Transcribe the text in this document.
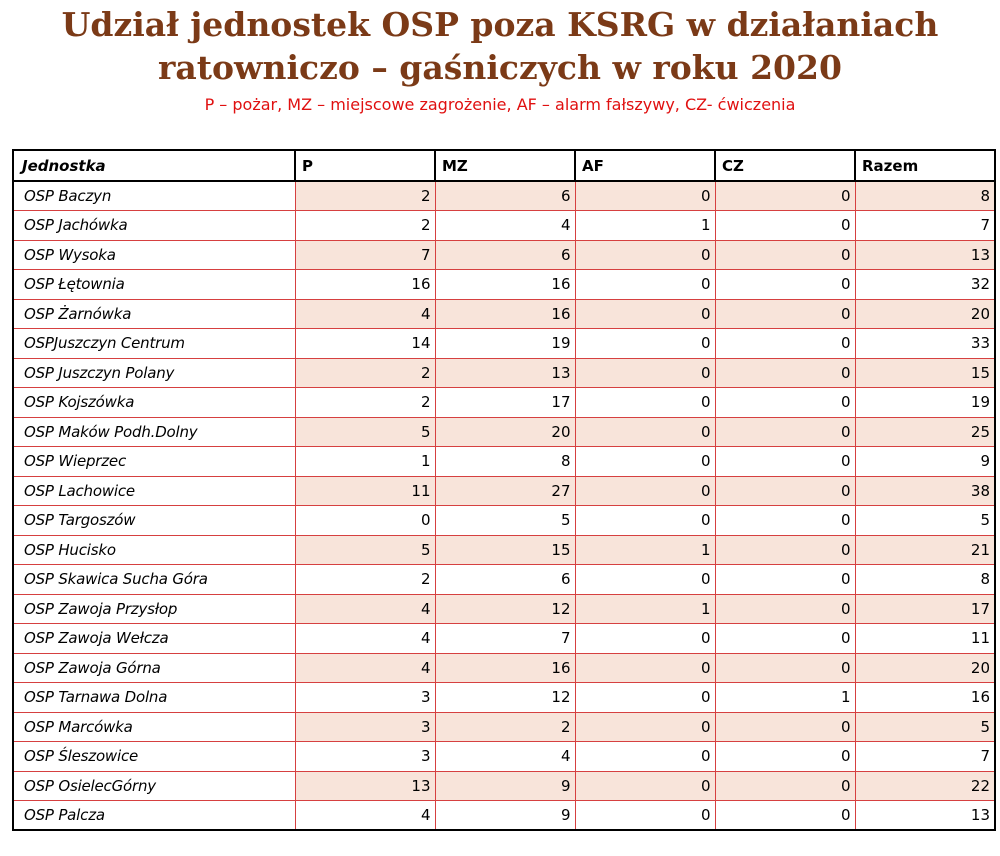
Udział jednostek OSP poza KSRG w działaniach
ratowniczo – gaśniczych w roku 2020
P – pożar, MZ – miejscowe zagrożenie, AF – alarm fałszywy, CZ- ćwiczenia
Jednostka	P	MZ	AF	CZ	Razem
OSP Baczyn	2	6	0	0	8
OSP Jachówka	2	4	1	0	7
OSP Wysoka	7	6	0	0	13
OSP Łętownia	16	16	0	0	32
OSP Żarnówka	4	16	0	0	20
OSPJuszczyn Centrum	14	19	0	0	33
OSP Juszczyn Polany	2	13	0	0	15
OSP Kojszówka	2	17	0	0	19
OSP Maków Podh.Dolny	5	20	0	0	25
OSP Wieprzec	1	8	0	0	9
OSP Lachowice	11	27	0	0	38
OSP Targoszów	0	5	0	0	5
OSP Hucisko	5	15	1	0	21
OSP Skawica Sucha Góra	2	6	0	0	8
OSP Zawoja Przysłop	4	12	1	0	17
OSP Zawoja Wełcza	4	7	0	0	11
OSP Zawoja Górna	4	16	0	0	20
OSP Tarnawa Dolna	3	12	0	1	16
OSP Marcówka	3	2	0	0	5
OSP Śleszowice	3	4	0	0	7
OSP OsielecGórny	13	9	0	0	22
OSP Palcza	4	9	0	0	13
